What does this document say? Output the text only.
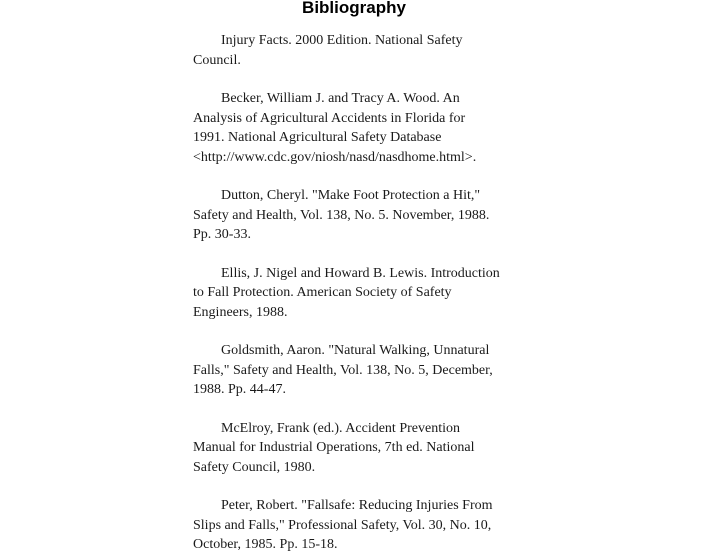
Bibliography

Injury Facts. 2000 Edition. National Safety
Council.

Becker, William J. and Tracy A. Wood. An
Analysis of Agricultural Accidents in Florida for
1991. National Agricultural Safety Database
<http://www.cdc.gov/niosh/nasd/nasdhome.html>.

Dutton, Cheryl. "Make Foot Protection a Hit,"
Safety and Health, Vol. 138, No. 5. November, 1988.
Pp. 30-33.

Ellis, J. Nigel and Howard B. Lewis. Introduction
to Fall Protection. American Society of Safety
Engineers, 1988.

Goldsmith, Aaron. "Natural Walking, Unnatural
Falls," Safety and Health, Vol. 138, No. 5, December,
1988. Pp. 44-47.

McElroy, Frank (ed.). Accident Prevention
Manual for Industrial Operations, 7th ed. National
Safety Council, 1980.

Peter, Robert. "Fallsafe: Reducing Injuries From
Slips and Falls," Professional Safety, Vol. 30, No. 10,
October, 1985. Pp. 15-18.
